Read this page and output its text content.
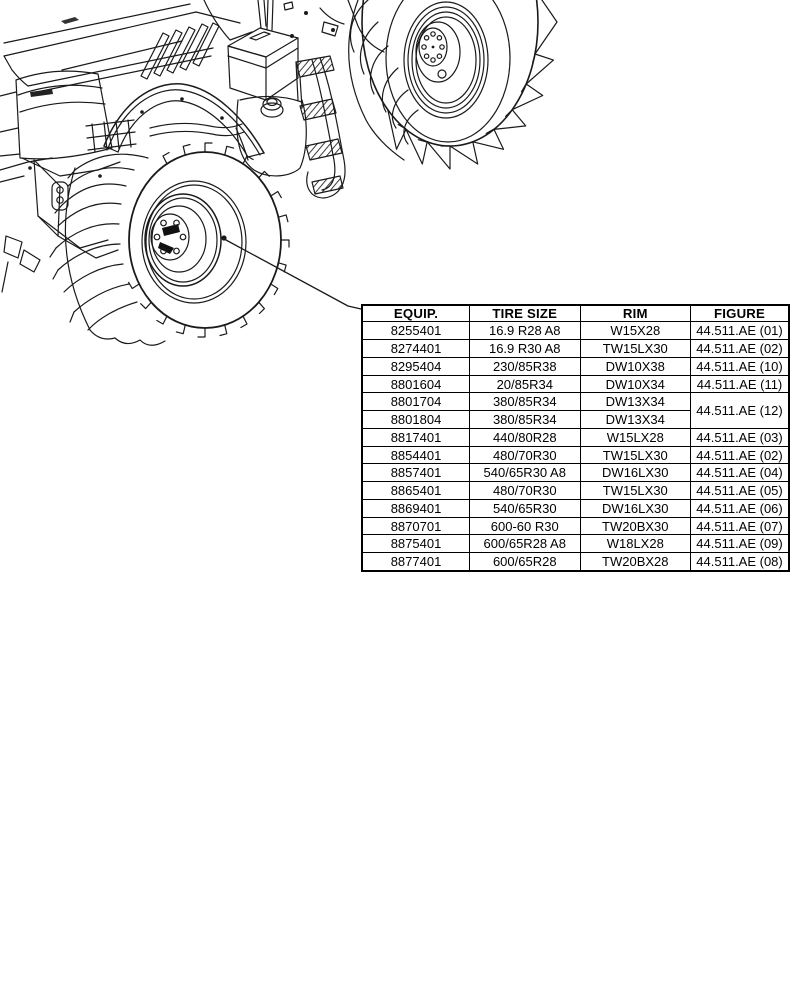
EQUIP.	TIRE SIZE	RIM	FIGURE
8255401	16.9 R28 A8	W15X28	44.511.AE (01)
8274401	16.9 R30 A8	TW15LX30	44.511.AE (02)
8295404	230/85R38	DW10X38	44.511.AE (10)
8801604	20/85R34	DW10X34	44.511.AE (11)
8801704	380/85R34	DW13X34	44.511.AE (12)
8801804	380/85R34	DW13X34	
8817401	440/80R28	W15LX28	44.511.AE (03)
8854401	480/70R30	TW15LX30	44.511.AE (02)
8857401	540/65R30 A8	DW16LX30	44.511.AE (04)
8865401	480/70R30	TW15LX30	44.511.AE (05)
8869401	540/65R30	DW16LX30	44.511.AE (06)
8870701	600-60 R30	TW20BX30	44.511.AE (07)
8875401	600/65R28 A8	W18LX28	44.511.AE (09)
8877401	600/65R28	TW20BX28	44.511.AE (08)
